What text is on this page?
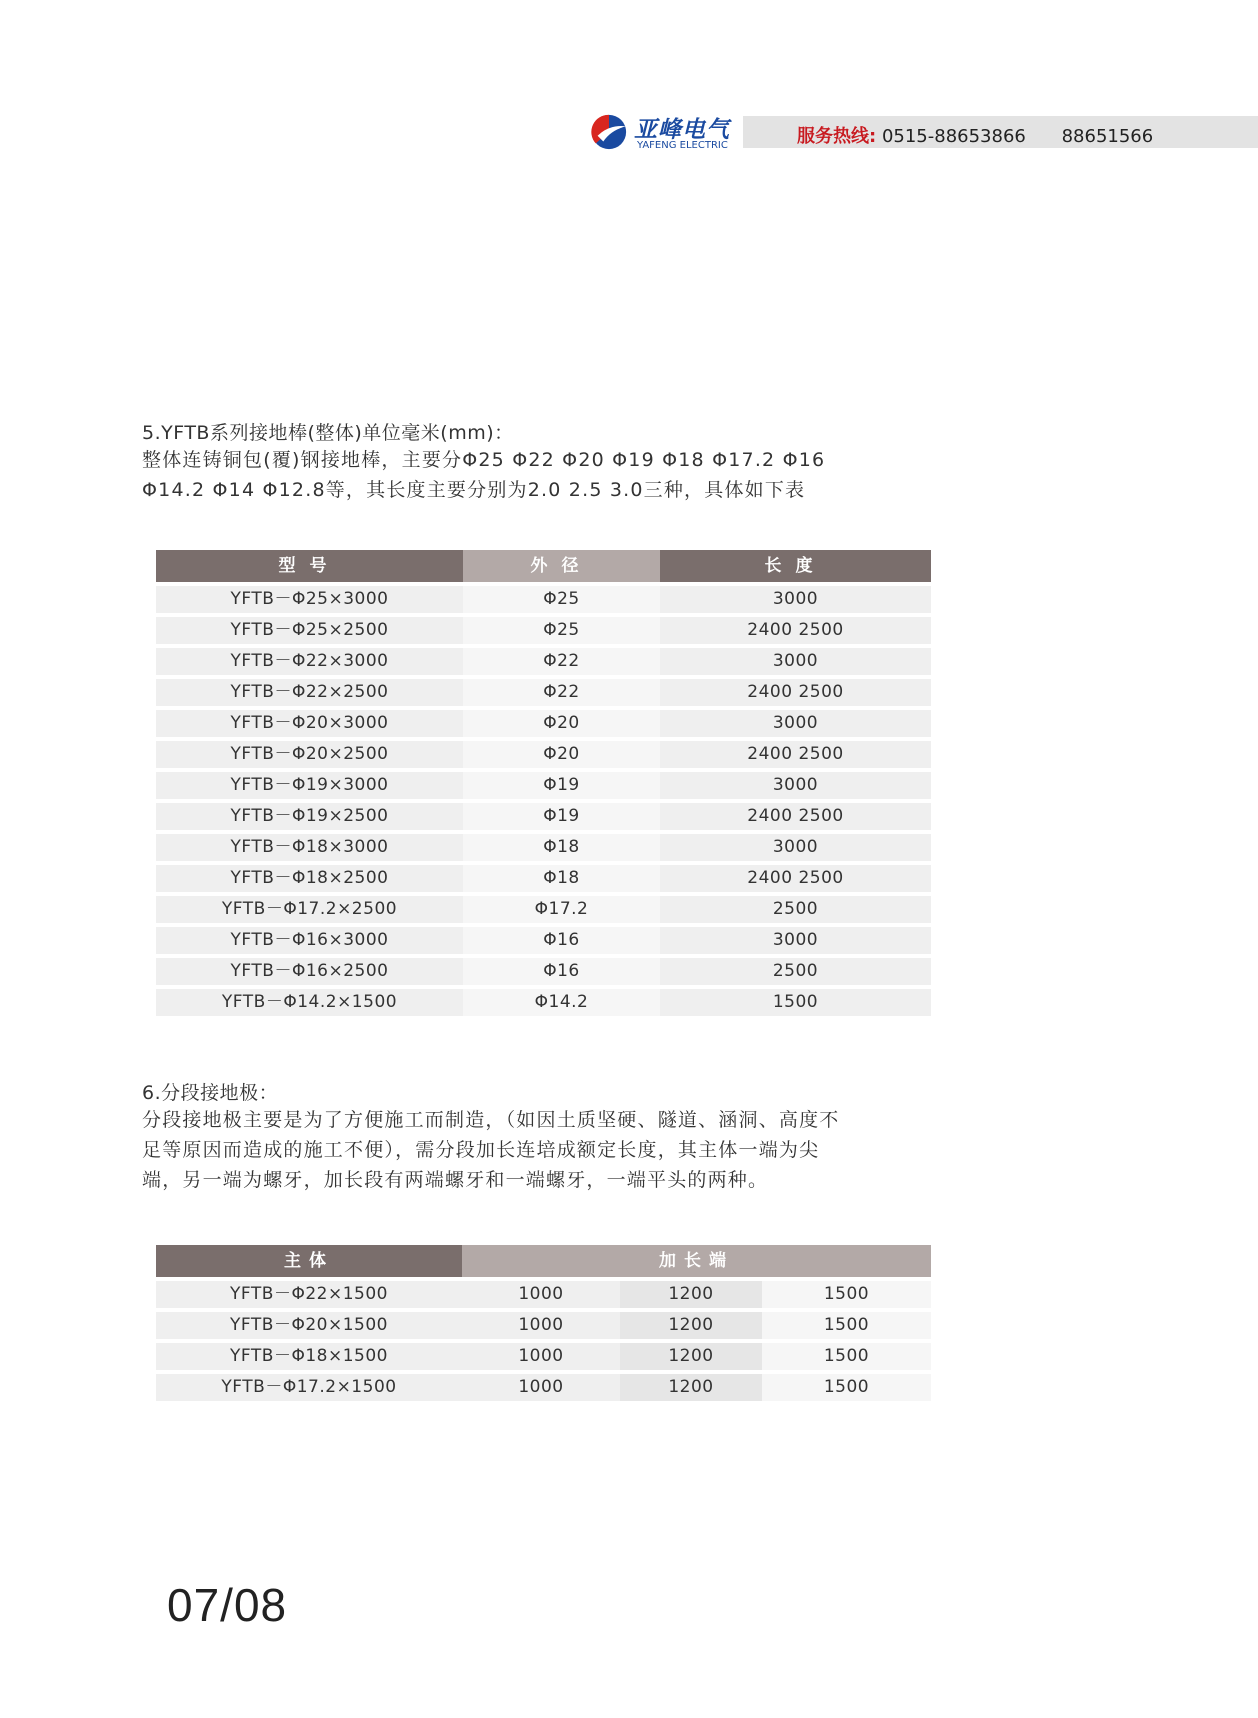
亚峰电气
YAFENG ELECTRIC	服务热线: 0515-88653866 88651566
5.YFTB系列接地棒(整体)单位毫米(mm)：
整体连铸铜包(覆)钢接地棒，主要分Φ25 Φ22 Φ20 Φ19 Φ18 Φ17.2 Φ16
Φ14.2 Φ14 Φ12.8等，其长度主要分别为2.0 2.5 3.0三种，具体如下表
型号	外径	长度
YFTB－Φ25×3000	Φ25	3000
YFTB－Φ25×2500	Φ25	2400 2500
YFTB－Φ22×3000	Φ22	3000
YFTB－Φ22×2500	Φ22	2400 2500
YFTB－Φ20×3000	Φ20	3000
YFTB－Φ20×2500	Φ20	2400 2500
YFTB－Φ19×3000	Φ19	3000
YFTB－Φ19×2500	Φ19	2400 2500
YFTB－Φ18×3000	Φ18	3000
YFTB－Φ18×2500	Φ18	2400 2500
YFTB－Φ17.2×2500	Φ17.2	2500
YFTB－Φ16×3000	Φ16	3000
YFTB－Φ16×2500	Φ16	2500
YFTB－Φ14.2×1500	Φ14.2	1500
6.分段接地极：
分段接地极主要是为了方便施工而制造，（如因土质坚硬、隧道、涵洞、高度不
足等原因而造成的施工不便），需分段加长连培成额定长度，其主体一端为尖
端，另一端为螺牙，加长段有两端螺牙和一端螺牙，一端平头的两种。
主体	加长端
YFTB－Φ22×1500	1000	1200	1500
YFTB－Φ20×1500	1000	1200	1500
YFTB－Φ18×1500	1000	1200	1500
YFTB－Φ17.2×1500	1000	1200	1500
07/08
